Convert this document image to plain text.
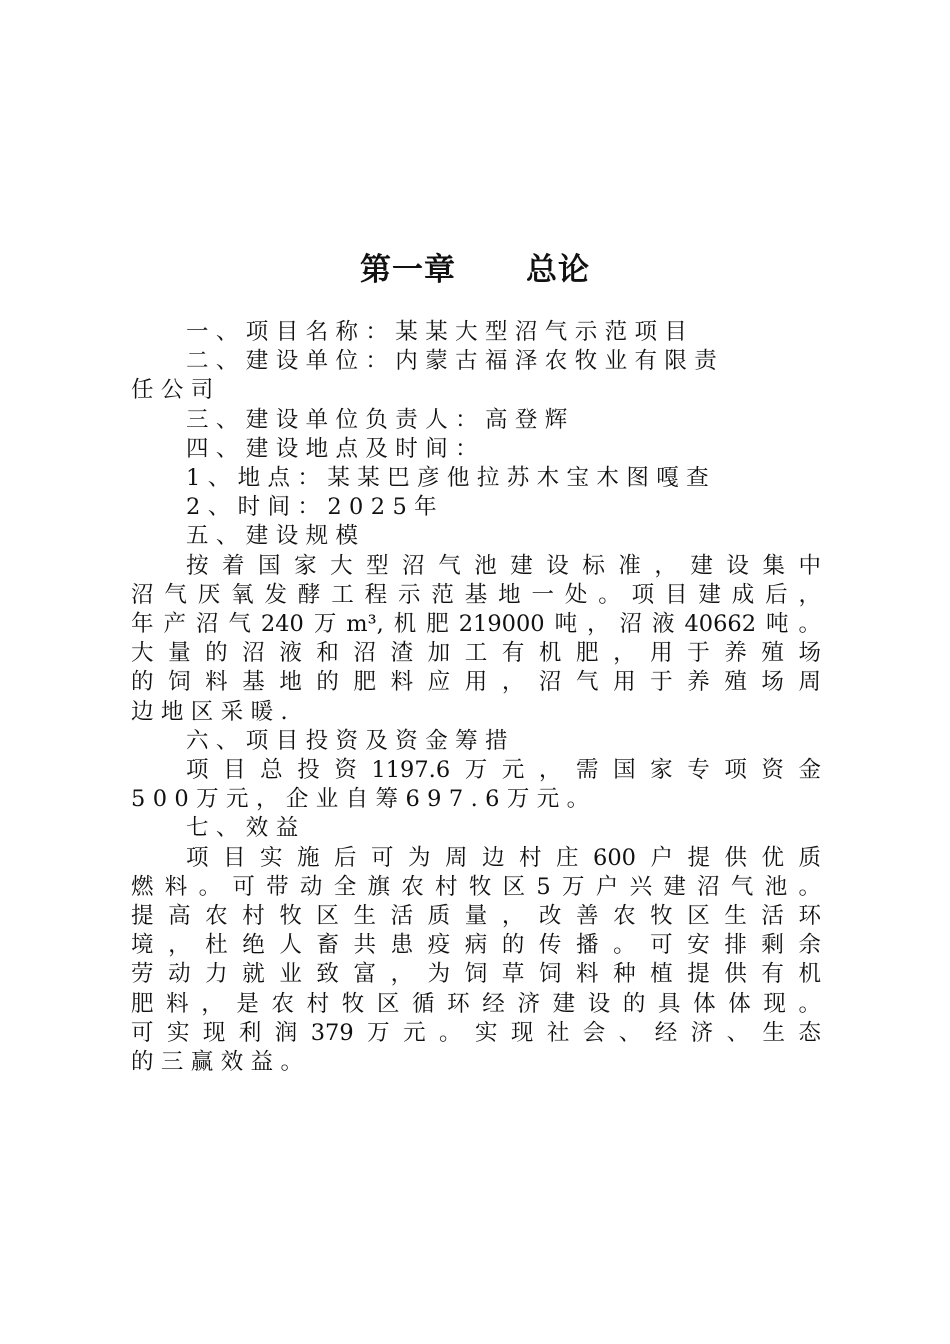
第一章 总论
一、项目名称：某某大型沼气示范项目
二、建设单位：内蒙古福泽农牧业有限责
任公司
三、建设单位负责人：高登辉
四、建设地点及时间：
1、地点：某某巴彦他拉苏木宝木图嘎查
2、时间：2025年
五、建设规模
按着国家大型沼气池建设标准，建设集中
沼气厌氧发酵工程示范基地一处。项目建成后，
年产沼气240万m³,机肥219000吨，沼液40662吨。
大量的沼液和沼渣加工有机肥，用于养殖场
的饲料基地的肥料应用，沼气用于养殖场周
边地区采暖.
六、项目投资及资金筹措
项目总投资1197.6万元，需国家专项资金
500万元，企业自筹697.6万元。
七、效益
项目实施后可为周边村庄600户提供优质
燃料。可带动全旗农村牧区5万户兴建沼气池。
提高农村牧区生活质量，改善农牧区生活环
境，杜绝人畜共患疫病的传播。可安排剩余
劳动力就业致富，为饲草饲料种植提供有机
肥料，是农村牧区循环经济建设的具体体现。
可实现利润379万元。实现社会、经济、生态
的三赢效益。
